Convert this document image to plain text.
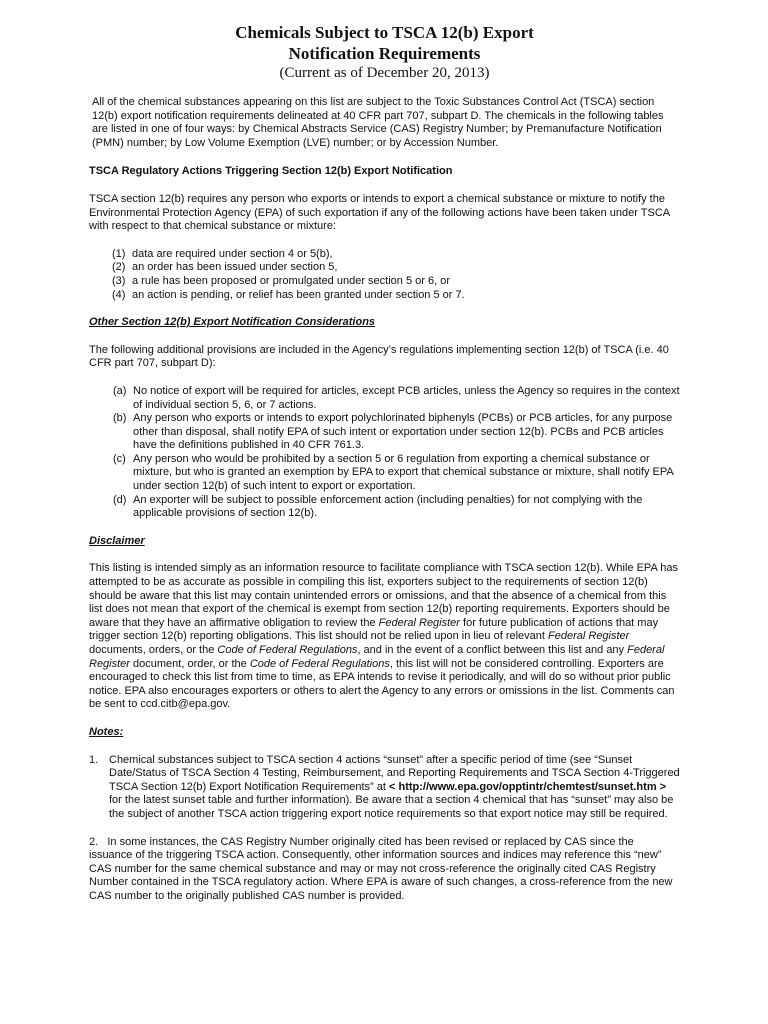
Chemicals Subject to TSCA 12(b) Export
Notification Requirements

(Current as of December 20, 2013)

All of the chemical substances appearing on this list are subject to the Toxic Substances Control Act (TSCA) section 12(b) export notification requirements delineated at 40 CFR part 707, subpart D. The chemicals in the following tables are listed in one of four ways: by Chemical Abstracts Service (CAS) Registry Number; by Premanufacture Notification (PMN) number; by Low Volume Exemption (LVE) number; or by Accession Number.

TSCA Regulatory Actions Triggering Section 12(b) Export Notification

TSCA section 12(b) requires any person who exports or intends to export a chemical substance or mixture to notify the Environmental Protection Agency (EPA) of such exportation if any of the following actions have been taken under TSCA with respect to that chemical substance or mixture:

(1) data are required under section 4 or 5(b),
(2) an order has been issued under section 5,
(3) a rule has been proposed or promulgated under section 5 or 6, or
(4) an action is pending, or relief has been granted under section 5 or 7.

Other Section 12(b) Export Notification Considerations

The following additional provisions are included in the Agency’s regulations implementing section 12(b) of TSCA (i.e. 40 CFR part 707, subpart D):

(a) No notice of export will be required for articles, except PCB articles, unless the Agency so requires in the context of individual section 5, 6, or 7 actions.
(b) Any person who exports or intends to export polychlorinated biphenyls (PCBs) or PCB articles, for any purpose other than disposal, shall notify EPA of such intent or exportation under section 12(b). PCBs and PCB articles have the definitions published in 40 CFR 761.3.
(c) Any person who would be prohibited by a section 5 or 6 regulation from exporting a chemical substance or mixture, but who is granted an exemption by EPA to export that chemical substance or mixture, shall notify EPA under section 12(b) of such intent to export or exportation.
(d) An exporter will be subject to possible enforcement action (including penalties) for not complying with the applicable provisions of section 12(b).

Disclaimer

This listing is intended simply as an information resource to facilitate compliance with TSCA section 12(b). While EPA has attempted to be as accurate as possible in compiling this list, exporters subject to the requirements of section 12(b) should be aware that this list may contain unintended errors or omissions, and that the absence of a chemical from this list does not mean that export of the chemical is exempt from section 12(b) reporting requirements. Exporters should be aware that they have an affirmative obligation to review the Federal Register for future publication of actions that may trigger section 12(b) reporting obligations. This list should not be relied upon in lieu of relevant Federal Register documents, orders, or the Code of Federal Regulations, and in the event of a conflict between this list and any Federal Register document, order, or the Code of Federal Regulations, this list will not be considered controlling. Exporters are encouraged to check this list from time to time, as EPA intends to revise it periodically, and will do so without prior public notice. EPA also encourages exporters or others to alert the Agency to any errors or omissions in the list. Comments can be sent to ccd.citb@epa.gov.

Notes:

1. Chemical substances subject to TSCA section 4 actions “sunset” after a specific period of time (see “Sunset Date/Status of TSCA Section 4 Testing, Reimbursement, and Reporting Requirements and TSCA Section 4-Triggered TSCA Section 12(b) Export Notification Requirements” at < http://www.epa.gov/opptintr/chemtest/sunset.htm > for the latest sunset table and further information). Be aware that a section 4 chemical that has “sunset” may also be the subject of another TSCA action triggering export notice requirements so that export notice may still be required.

2. In some instances, the CAS Registry Number originally cited has been revised or replaced by CAS since the issuance of the triggering TSCA action. Consequently, other information sources and indices may reference this “new” CAS number for the same chemical substance and may or may not cross-reference the originally cited CAS Registry Number contained in the TSCA regulatory action. Where EPA is aware of such changes, a cross-reference from the new CAS number to the originally published CAS number is provided.
